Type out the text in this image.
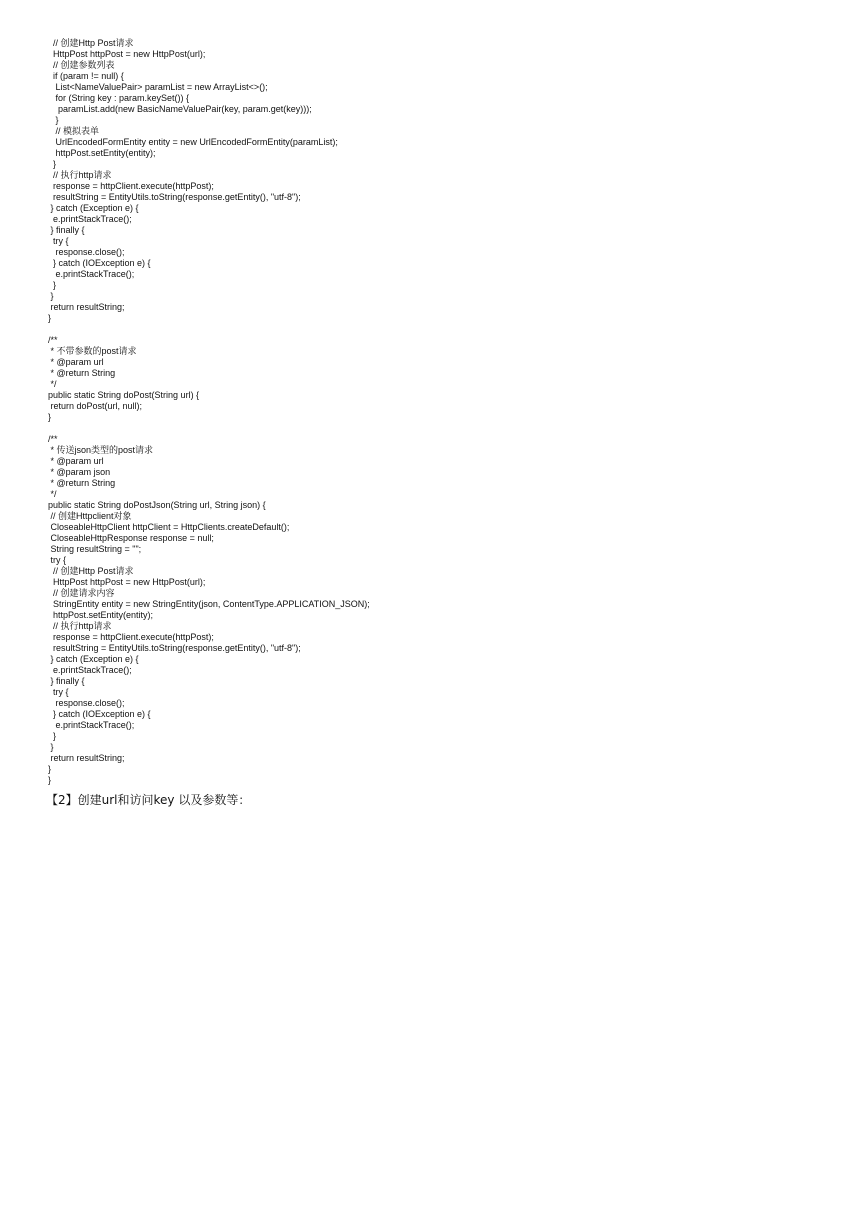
// 创建Http Post请求
HttpPost httpPost = new HttpPost(url);
// 创建参数列表
if (param != null) {
List<NameValuePair> paramList = new ArrayList<>();
for (String key : param.keySet()) {
paramList.add(new BasicNameValuePair(key, param.get(key)));
}
// 模拟表单
UrlEncodedFormEntity entity = new UrlEncodedFormEntity(paramList);
httpPost.setEntity(entity);
}
// 执行http请求
response = httpClient.execute(httpPost);
resultString = EntityUtils.toString(response.getEntity(), "utf-8");
} catch (Exception e) {
e.printStackTrace();
} finally {
try {
response.close();
} catch (IOException e) {
e.printStackTrace();
}
}
return resultString;
}
/**
* 不带参数的post请求
* @param url
* @return String
*/
public static String doPost(String url) {
return doPost(url, null);
}
/**
* 传送json类型的post请求
* @param url
* @param json
* @return String
*/
public static String doPostJson(String url, String json) {
// 创建Httpclient对象
CloseableHttpClient httpClient = HttpClients.createDefault();
CloseableHttpResponse response = null;
String resultString = "";
try {
// 创建Http Post请求
HttpPost httpPost = new HttpPost(url);
// 创建请求内容
StringEntity entity = new StringEntity(json, ContentType.APPLICATION_JSON);
httpPost.setEntity(entity);
// 执行http请求
response = httpClient.execute(httpPost);
resultString = EntityUtils.toString(response.getEntity(), "utf-8");
} catch (Exception e) {
e.printStackTrace();
} finally {
try {
response.close();
} catch (IOException e) {
e.printStackTrace();
}
}
return resultString;
}
}
【2】创建url和访问key 以及参数等：
